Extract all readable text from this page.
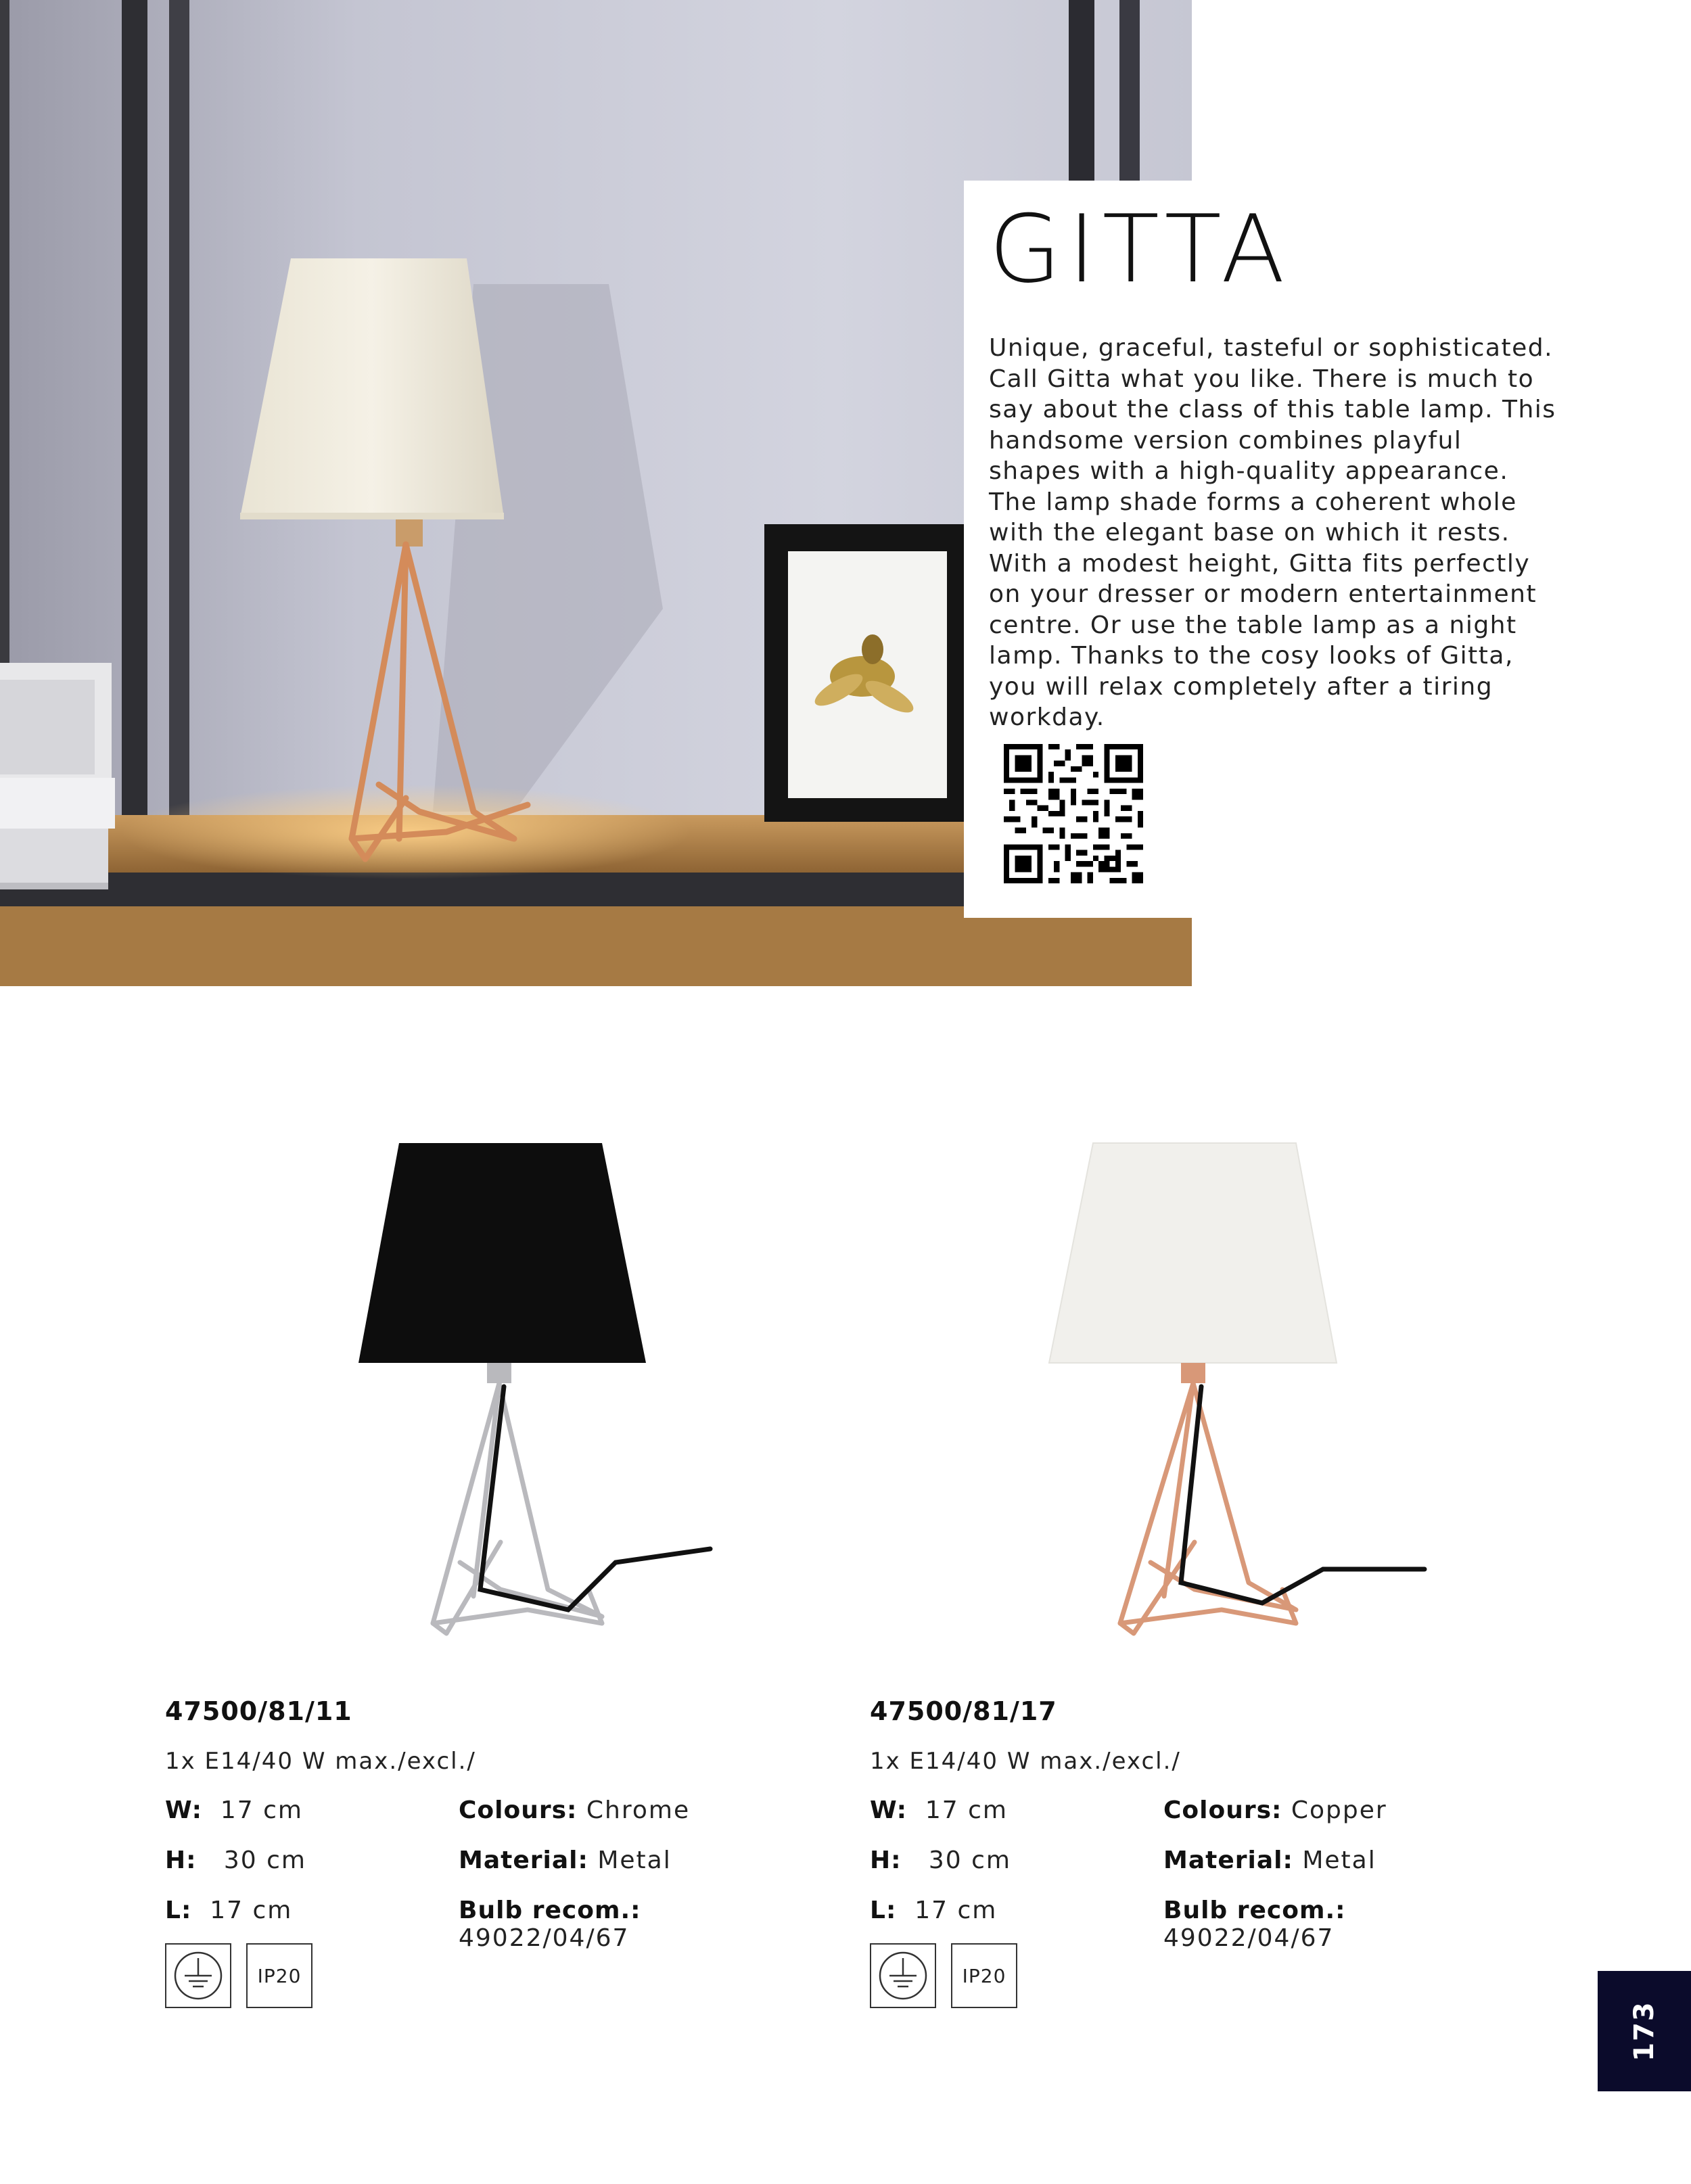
GITTA

Unique, graceful, tasteful or sophisticated. Call Gitta what you like. There is much to say about the class of this table lamp. This handsome version combines playful shapes with a high-quality appearance. The lamp shade forms a coherent whole with the elegant base on which it rests. With a modest height, Gitta fits perfectly on your dresser or modern entertainment centre. Or use the table lamp as a night lamp. Thanks to the cosy looks of Gitta, you will relax completely after a tiring workday.

47500/81/11

1x E14/40 W max./excl./
W: 17 cm
H: 30 cm
L: 17 cm
Colours: Chrome
Material: Metal
Bulb recom.: 49022/04/67
IP20

47500/81/17

1x E14/40 W max./excl./
W: 17 cm
H: 30 cm
L: 17 cm
Colours: Copper
Material: Metal
Bulb recom.: 49022/04/67
IP20
173
